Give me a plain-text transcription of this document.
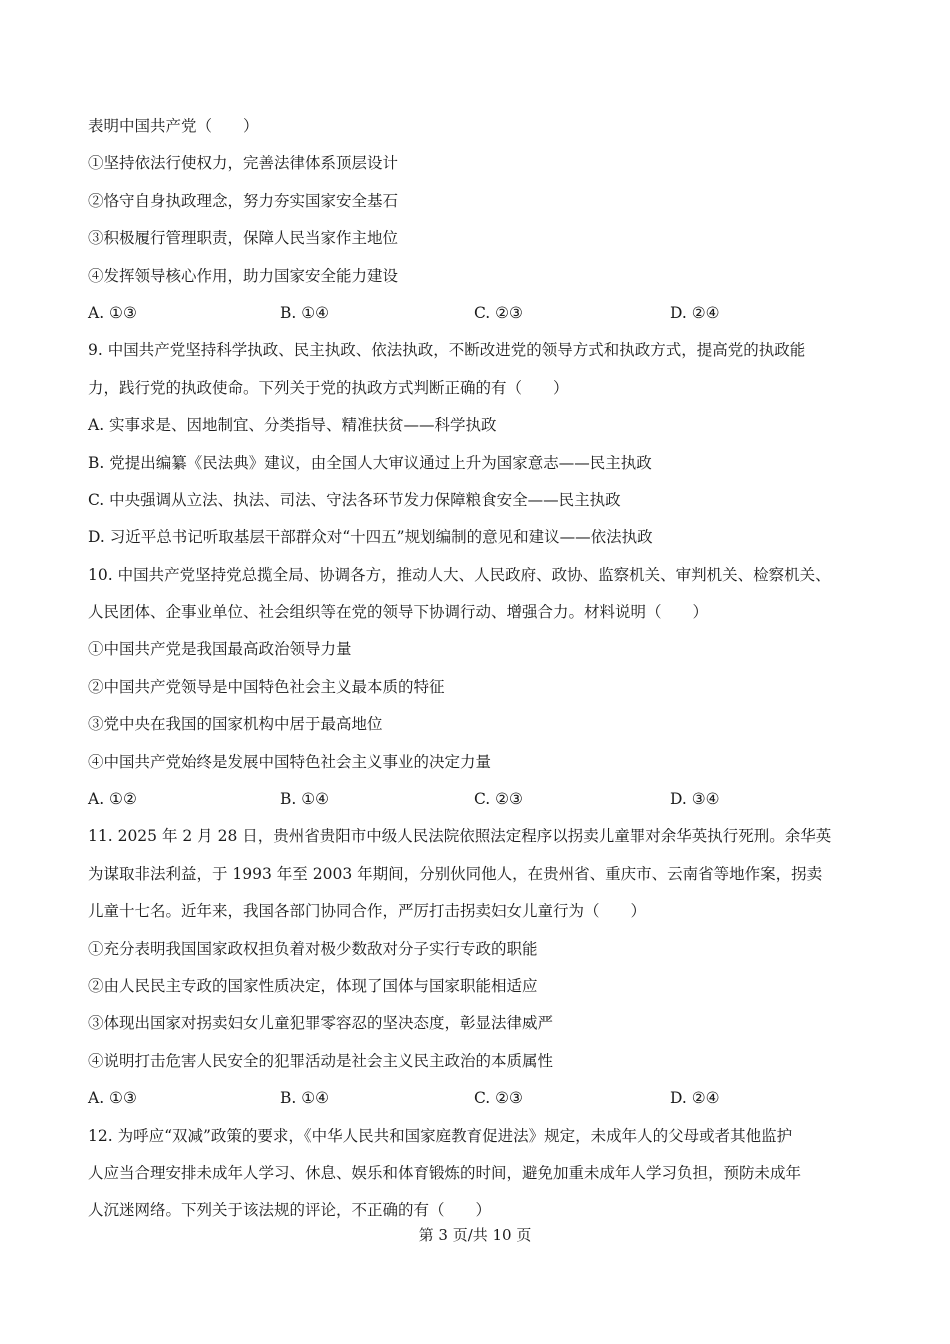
表明中国共产党（　　）
①坚持依法行使权力，完善法律体系顶层设计
②恪守自身执政理念，努力夯实国家安全基石
③积极履行管理职责，保障人民当家作主地位
④发挥领导核心作用，助力国家安全能力建设
A. ①③	B. ①④	C. ②③	D. ②④
9. 中国共产党坚持科学执政、民主执政、依法执政，不断改进党的领导方式和执政方式，提高党的执政能
力，践行党的执政使命。下列关于党的执政方式判断正确的有（　　）
A. 实事求是、因地制宜、分类指导、精准扶贫——科学执政
B. 党提出编纂《民法典》建议，由全国人大审议通过上升为国家意志——民主执政
C. 中央强调从立法、执法、司法、守法各环节发力保障粮食安全——民主执政
D. 习近平总书记听取基层干部群众对“十四五”规划编制的意见和建议——依法执政
10. 中国共产党坚持党总揽全局、协调各方，推动人大、人民政府、政协、监察机关、审判机关、检察机关、
人民团体、企事业单位、社会组织等在党的领导下协调行动、增强合力。材料说明（　　）
①中国共产党是我国最高政治领导力量
②中国共产党领导是中国特色社会主义最本质的特征
③党中央在我国的国家机构中居于最高地位
④中国共产党始终是发展中国特色社会主义事业的决定力量
A. ①②	B. ①④	C. ②③	D. ③④
11. 2025 年 2 月 28 日，贵州省贵阳市中级人民法院依照法定程序以拐卖儿童罪对余华英执行死刑。余华英
为谋取非法利益，于 1993 年至 2003 年期间，分别伙同他人，在贵州省、重庆市、云南省等地作案，拐卖
儿童十七名。近年来，我国各部门协同合作，严厉打击拐卖妇女儿童行为（　　）
①充分表明我国国家政权担负着对极少数敌对分子实行专政的职能
②由人民民主专政的国家性质决定，体现了国体与国家职能相适应
③体现出国家对拐卖妇女儿童犯罪零容忍的坚决态度，彰显法律威严
④说明打击危害人民安全的犯罪活动是社会主义民主政治的本质属性
A. ①③	B. ①④	C. ②③	D. ②④
12. 为呼应“双减”政策的要求，《中华人民共和国家庭教育促进法》规定，未成年人的父母或者其他监护
人应当合理安排未成年人学习、休息、娱乐和体育锻炼的时间，避免加重未成年人学习负担，预防未成年
人沉迷网络。下列关于该法规的评论，不正确的有（　　）
第 3 页/共 10 页
